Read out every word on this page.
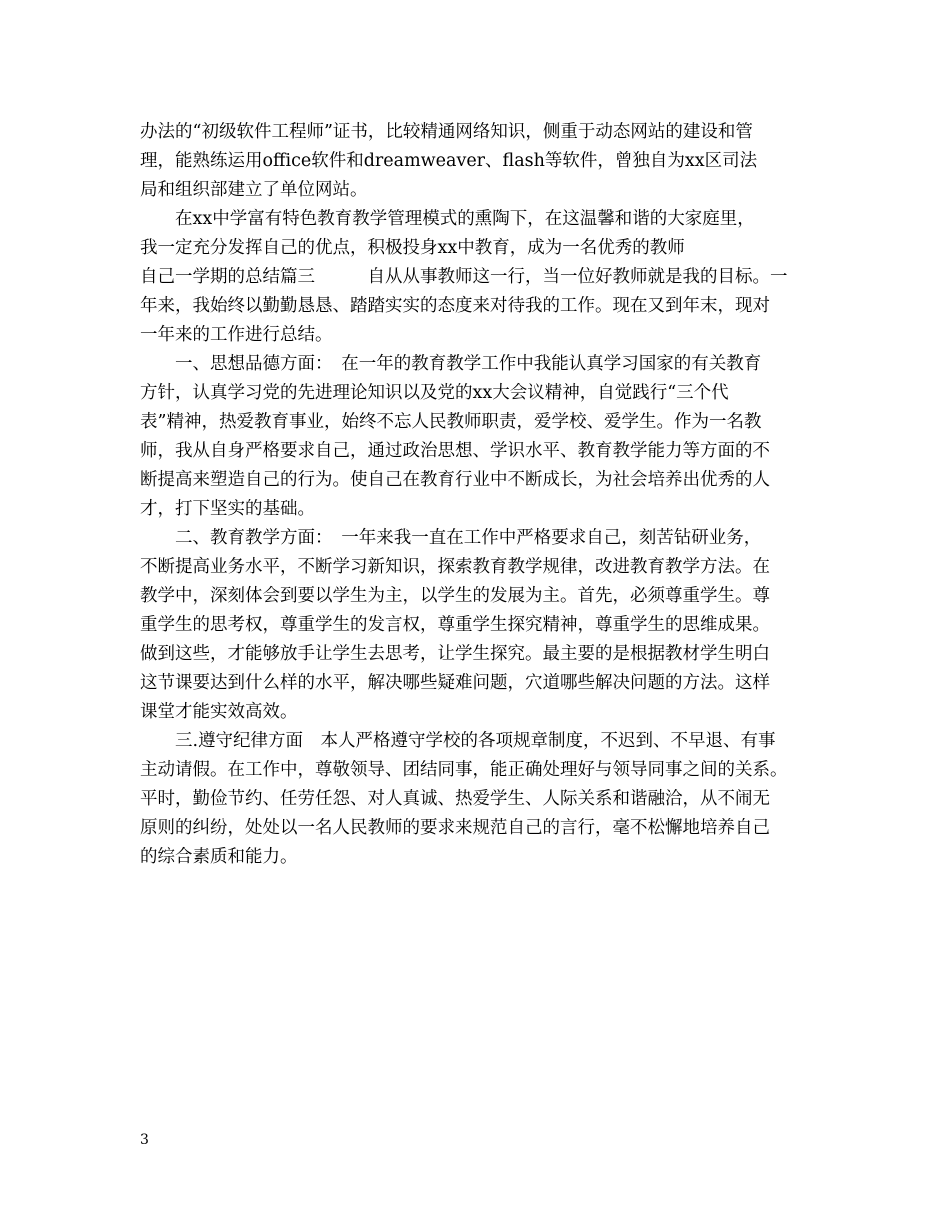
办法的“初级软件工程师”证书，比较精通网络知识，侧重于动态网站的建设和管
理，能熟练运用office软件和dreamweaver、flash等软件，曾独自为xx区司法
局和组织部建立了单位网站。
　　在xx中学富有特色教育教学管理模式的熏陶下，在这温馨和谐的大家庭里，
我一定充分发挥自己的优点，积极投身xx中教育，成为一名优秀的教师
自己一学期的总结篇三　　　自从从事教师这一行，当一位好教师就是我的目标。一
年来，我始终以勤勤恳恳、踏踏实实的态度来对待我的工作。现在又到年末，现对
一年来的工作进行总结。
　　一、思想品德方面：　在一年的教育教学工作中我能认真学习国家的有关教育
方针，认真学习党的先进理论知识以及党的xx大会议精神，自觉践行“三个代
表”精神，热爱教育事业，始终不忘人民教师职责，爱学校、爱学生。作为一名教
师，我从自身严格要求自己，通过政治思想、学识水平、教育教学能力等方面的不
断提高来塑造自己的行为。使自己在教育行业中不断成长，为社会培养出优秀的人
才，打下坚实的基础。
　　二、教育教学方面：　一年来我一直在工作中严格要求自己，刻苦钻研业务，
不断提高业务水平，不断学习新知识，探索教育教学规律，改进教育教学方法。在
教学中，深刻体会到要以学生为主，以学生的发展为主。首先，必须尊重学生。尊
重学生的思考权，尊重学生的发言权，尊重学生探究精神，尊重学生的思维成果。
做到这些，才能够放手让学生去思考，让学生探究。最主要的是根据教材学生明白
这节课要达到什么样的水平，解决哪些疑难问题，穴道哪些解决问题的方法。这样
课堂才能实效高效。
　　三.遵守纪律方面　本人严格遵守学校的各项规章制度，不迟到、不早退、有事
主动请假。在工作中，尊敬领导、团结同事，能正确处理好与领导同事之间的关系。
平时，勤俭节约、任劳任怨、对人真诚、热爱学生、人际关系和谐融洽，从不闹无
原则的纠纷，处处以一名人民教师的要求来规范自己的言行，毫不松懈地培养自己
的综合素质和能力。
3
